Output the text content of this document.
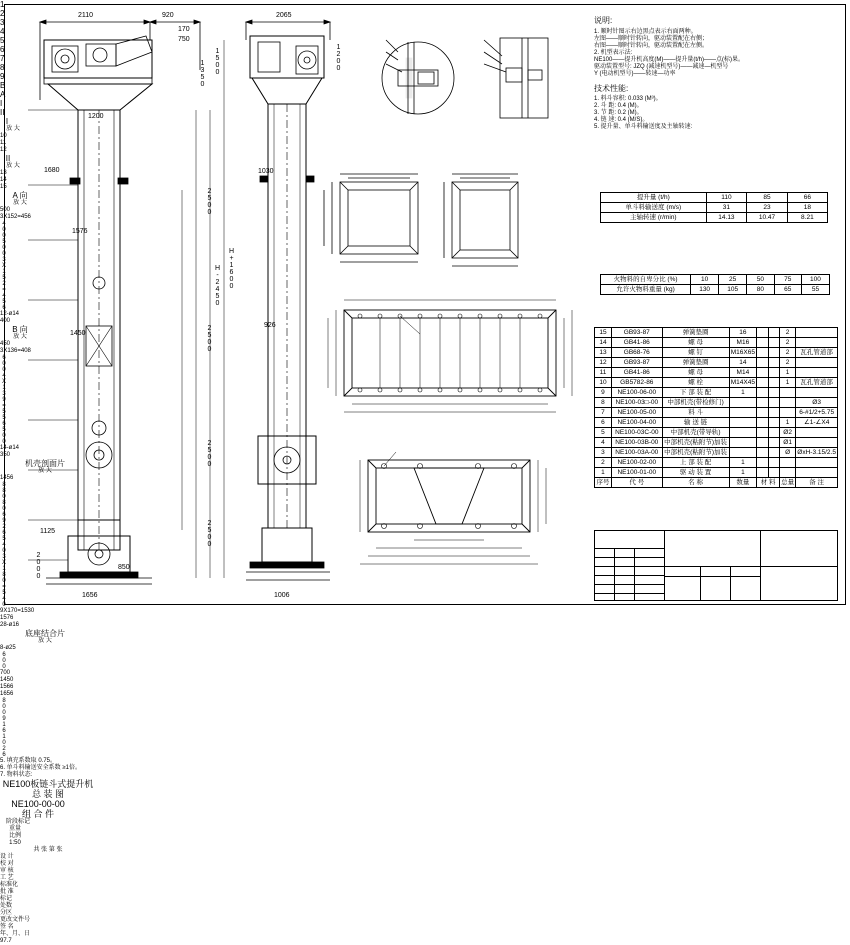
2110	920
1200
1680
1576
1450
1125
1656
2000	850
2500
2500
2500
2500
H+1600
H-2450
1500
1350
750
170
1
2
3
4
5
6
7
8
9
B
A
I
II
2065
1200
1030
926
1006
I
放 大
10
11
12
II
放 大
13
14
15
A 向
放 大
500
3X152=456
400
500
3X152=456
12-ø14
400
B 向
放 大
450
3X136=408
600
4X139=556
500
14-ø14
350
机壳剖面片
放 大
1456
880
806
926
540
3X180=540
9X170=1530
1576
28-ø16
底座结合片
放 大
8-ø25
600
700
1450
1566
1656
800
916
1026
说明:
1. 顺时针图示右边黑点表示右面两种。
左图——顺时针转向，驱动装置配在右侧；
右图——顺时针转向，驱动装置配在左侧。
2. 机型表示法:
NE100——提升机高度(M)——提升量(t/h)——点(标)果。
驱动装置型号: JZQ (减速机型号)——减速—机型号
Y (电动机型号)——转速—功率
技术性能:
1. 料斗容积: 0.033 (M³)。
2. 斗 距: 0.4 (M)。
3. 节 距: 0.2 (M)。
4. 链 速: 0.4 (M/S)。
5. 提升量、单斗料输送度及主轴转速:
提升量 (t/h)	110	85	66
单斗料输送度 (m/s)	31	23	18
主轴转速 (r/min)	14.13	10.47	8.21
5. 填充系数取 0.75。
6. 单斗料输送安全系数 ≥1倍。
7. 物料状态:
火物料的自卑分比 (%)	10	25	50	75	100
允许火物料重量 (kg)	130	105	80	65	55
15	GB93-87	弹簧垫圈	16			2	
14	GB41-86	螺 母	M16			2	
13	GB68-76	螺 钉	M16X65			2	瓦孔管道部
12	GB93-87	弹簧垫圈	14			2	
11	GB41-86	螺 母	M14			1	
10	GB5782-86	螺 栓	M14X45			1	瓦孔管道部
9	NE100-06-00	下 部 装 配	1				
8	NE100-03□-00	中部机壳(带检修门)					Ø3
7	NE100-05-00	料 斗					6-#1/2+5.75
6	NE100-04-00	输 送 链				1	∠1-∠X4
5	NE100-03C-00	中部机壳(带导轨)				Ø2	
4	NE100-03B-00	中部机壳(粘附节)加装				Ø1	
3	NE100-03A-00	中部机壳(粘附节)加装				Ø	ØxH-3.15/2.5
2	NE100-02-00	上 部 装 配	1				
1	NE100-01-00	驱 动 装 置	1				
序号	代 号	名 称	数量	材 料		总量	备 注
NE100板链斗式提升机
总 装 图
NE100-00-00
组 合 件
阶段标记
重量
比例
1:50
共 张 第 张
设 计
校 对
审 核
工 艺
标准化
批 准
标记
处数
分区
更改文件号
签 名
年、月、日
97.7
